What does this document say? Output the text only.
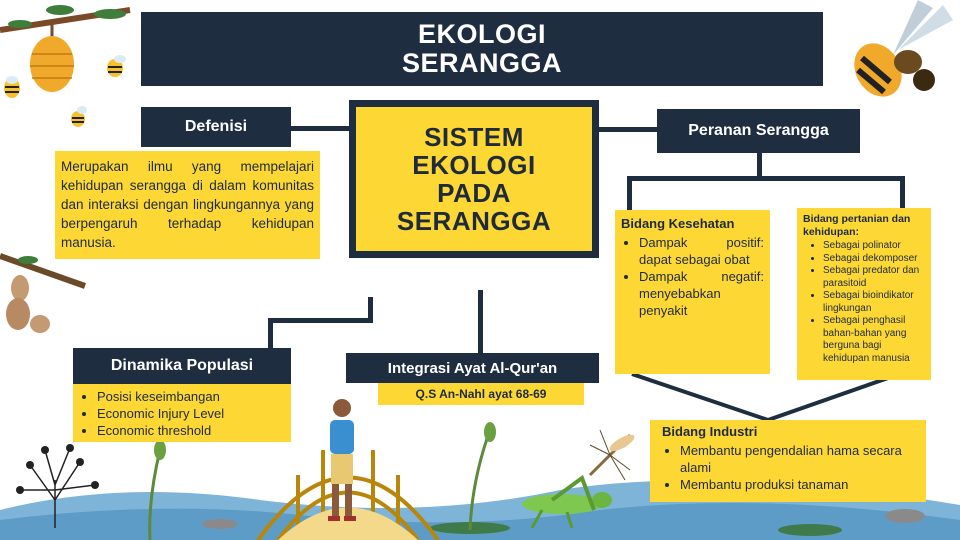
EKOLOGI
SERANGGA
SISTEM
EKOLOGI
PADA
SERANGGA
Defenisi
Merupakan ilmu yang mempelajari kehidupan serangga di dalam komunitas dan interaksi dengan lingkungannya yang berpengaruh terhadap kehidupan manusia.
Peranan Serangga
Bidang Kesehatan
• Dampak positif: dapat sebagai obat
• Dampak negatif: menyebabkan penyakit
Bidang pertanian dan kehidupan:
• Sebagai polinator
• Sebagai dekomposer
• Sebagai predator dan parasitoid
• Sebagai bioindikator lingkungan
• Sebagai penghasil bahan-bahan yang berguna bagi kehidupan manusia
Bidang Industri
• Membantu pengendalian hama secara alami
• Membantu produksi tanaman
Dinamika Populasi
• Posisi keseimbangan
• Economic Injury Level
• Economic threshold
Integrasi Ayat Al-Qur'an
Q.S An-Nahl ayat 68-69
